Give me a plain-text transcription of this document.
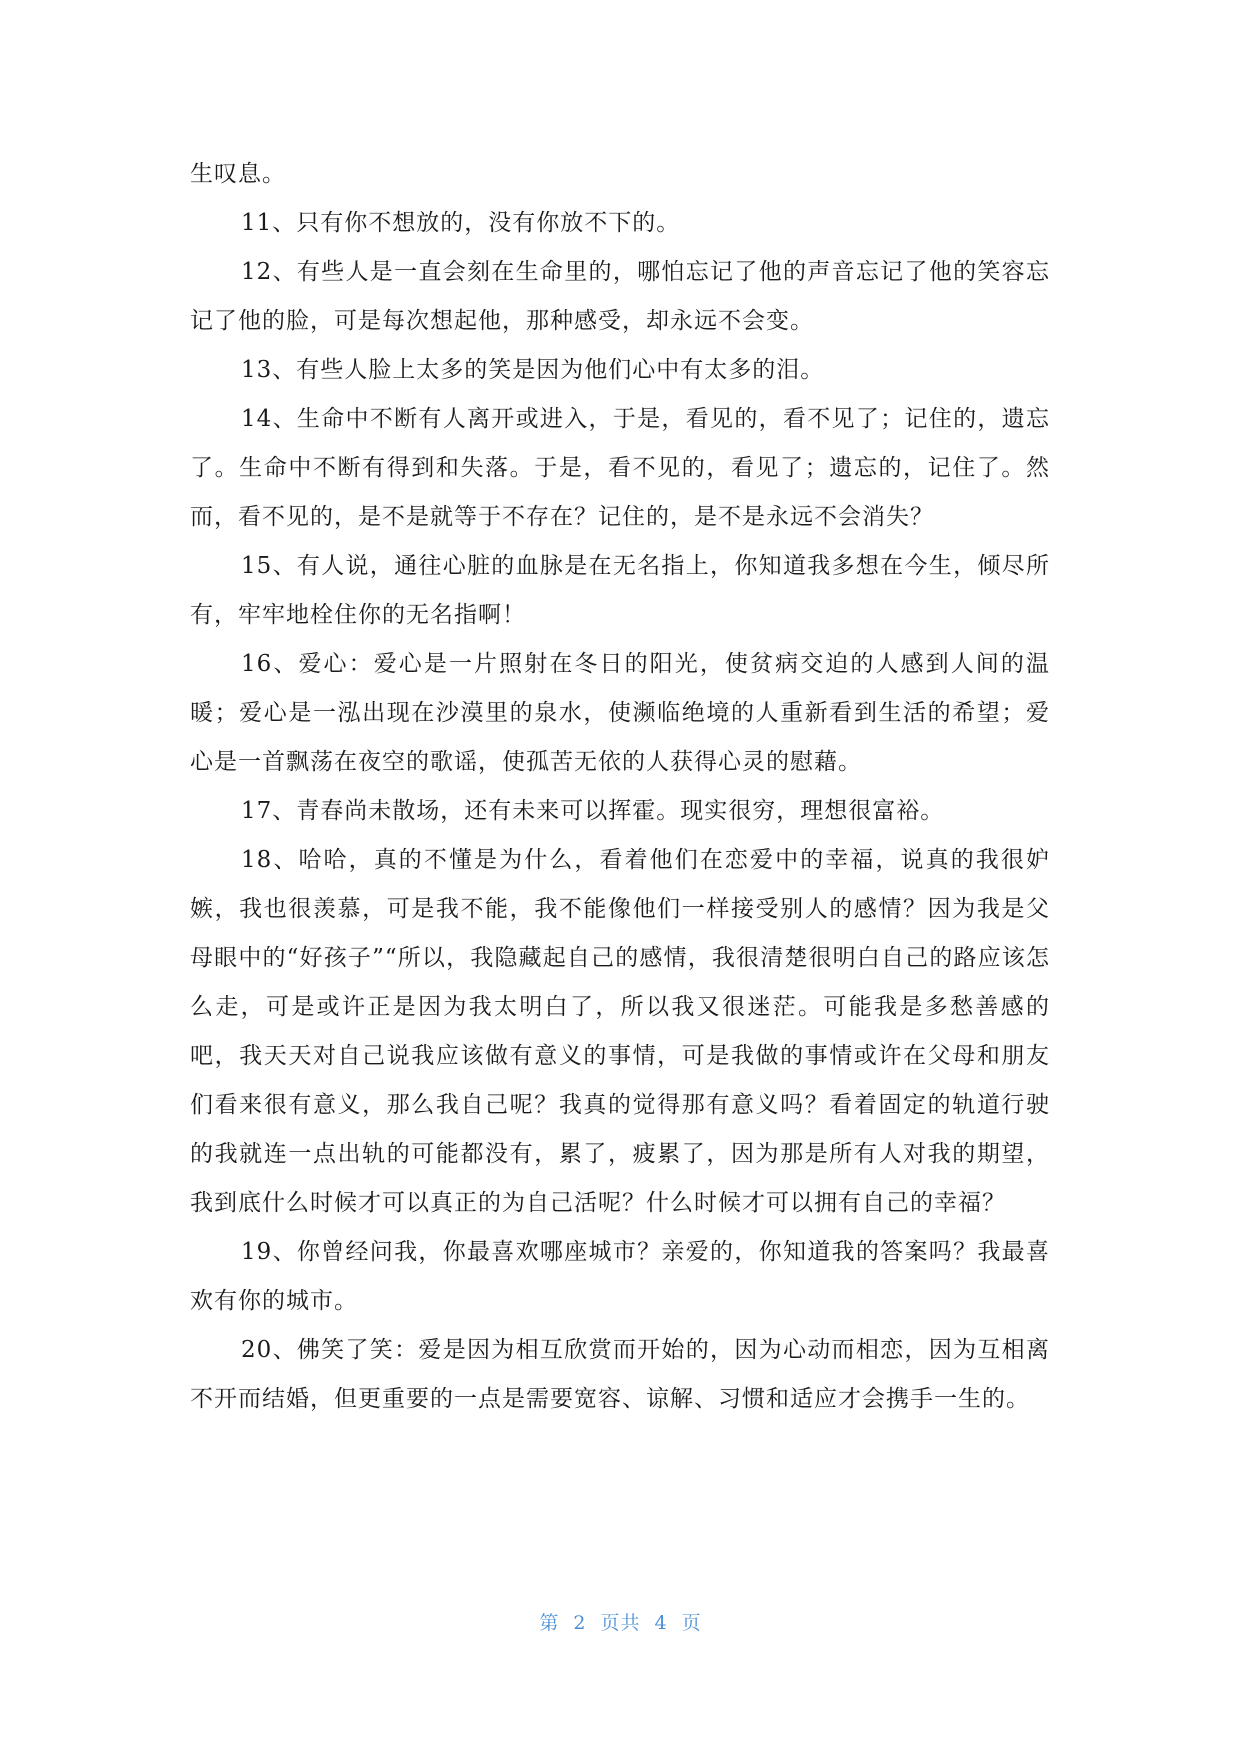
生叹息。

11、只有你不想放的，没有你放不下的。

12、有些人是一直会刻在生命里的，哪怕忘记了他的声音忘记了他的笑容忘记了他的脸，可是每次想起他，那种感受，却永远不会变。

13、有些人脸上太多的笑是因为他们心中有太多的泪。

14、生命中不断有人离开或进入，于是，看见的，看不见了；记住的，遗忘了。生命中不断有得到和失落。于是，看不见的，看见了；遗忘的，记住了。然而，看不见的，是不是就等于不存在？记住的，是不是永远不会消失？

15、有人说，通往心脏的血脉是在无名指上，你知道我多想在今生，倾尽所有，牢牢地栓住你的无名指啊！

16、爱心：爱心是一片照射在冬日的阳光，使贫病交迫的人感到人间的温暖；爱心是一泓出现在沙漠里的泉水，使濒临绝境的人重新看到生活的希望；爱心是一首飘荡在夜空的歌谣，使孤苦无依的人获得心灵的慰藉。

17、青春尚未散场，还有未来可以挥霍。现实很穷，理想很富裕。

18、哈哈，真的不懂是为什么，看着他们在恋爱中的幸福，说真的我很妒嫉，我也很羡慕，可是我不能，我不能像他们一样接受别人的感情？因为我是父母眼中的“好孩子”“所以，我隐藏起自己的感情，我很清楚很明白自己的路应该怎么走，可是或许正是因为我太明白了，所以我又很迷茫。可能我是多愁善感的吧，我天天对自己说我应该做有意义的事情，可是我做的事情或许在父母和朋友们看来很有意义，那么我自己呢？我真的觉得那有意义吗？看着固定的轨道行驶的我就连一点出轨的可能都没有，累了，疲累了，因为那是所有人对我的期望，我到底什么时候才可以真正的为自己活呢？什么时候才可以拥有自己的幸福？

19、你曾经问我，你最喜欢哪座城市？亲爱的，你知道我的答案吗？我最喜欢有你的城市。

20、佛笑了笑：爱是因为相互欣赏而开始的，因为心动而相恋，因为互相离不开而结婚，但更重要的一点是需要宽容、谅解、习惯和适应才会携手一生的。

第 2 页共 4 页
